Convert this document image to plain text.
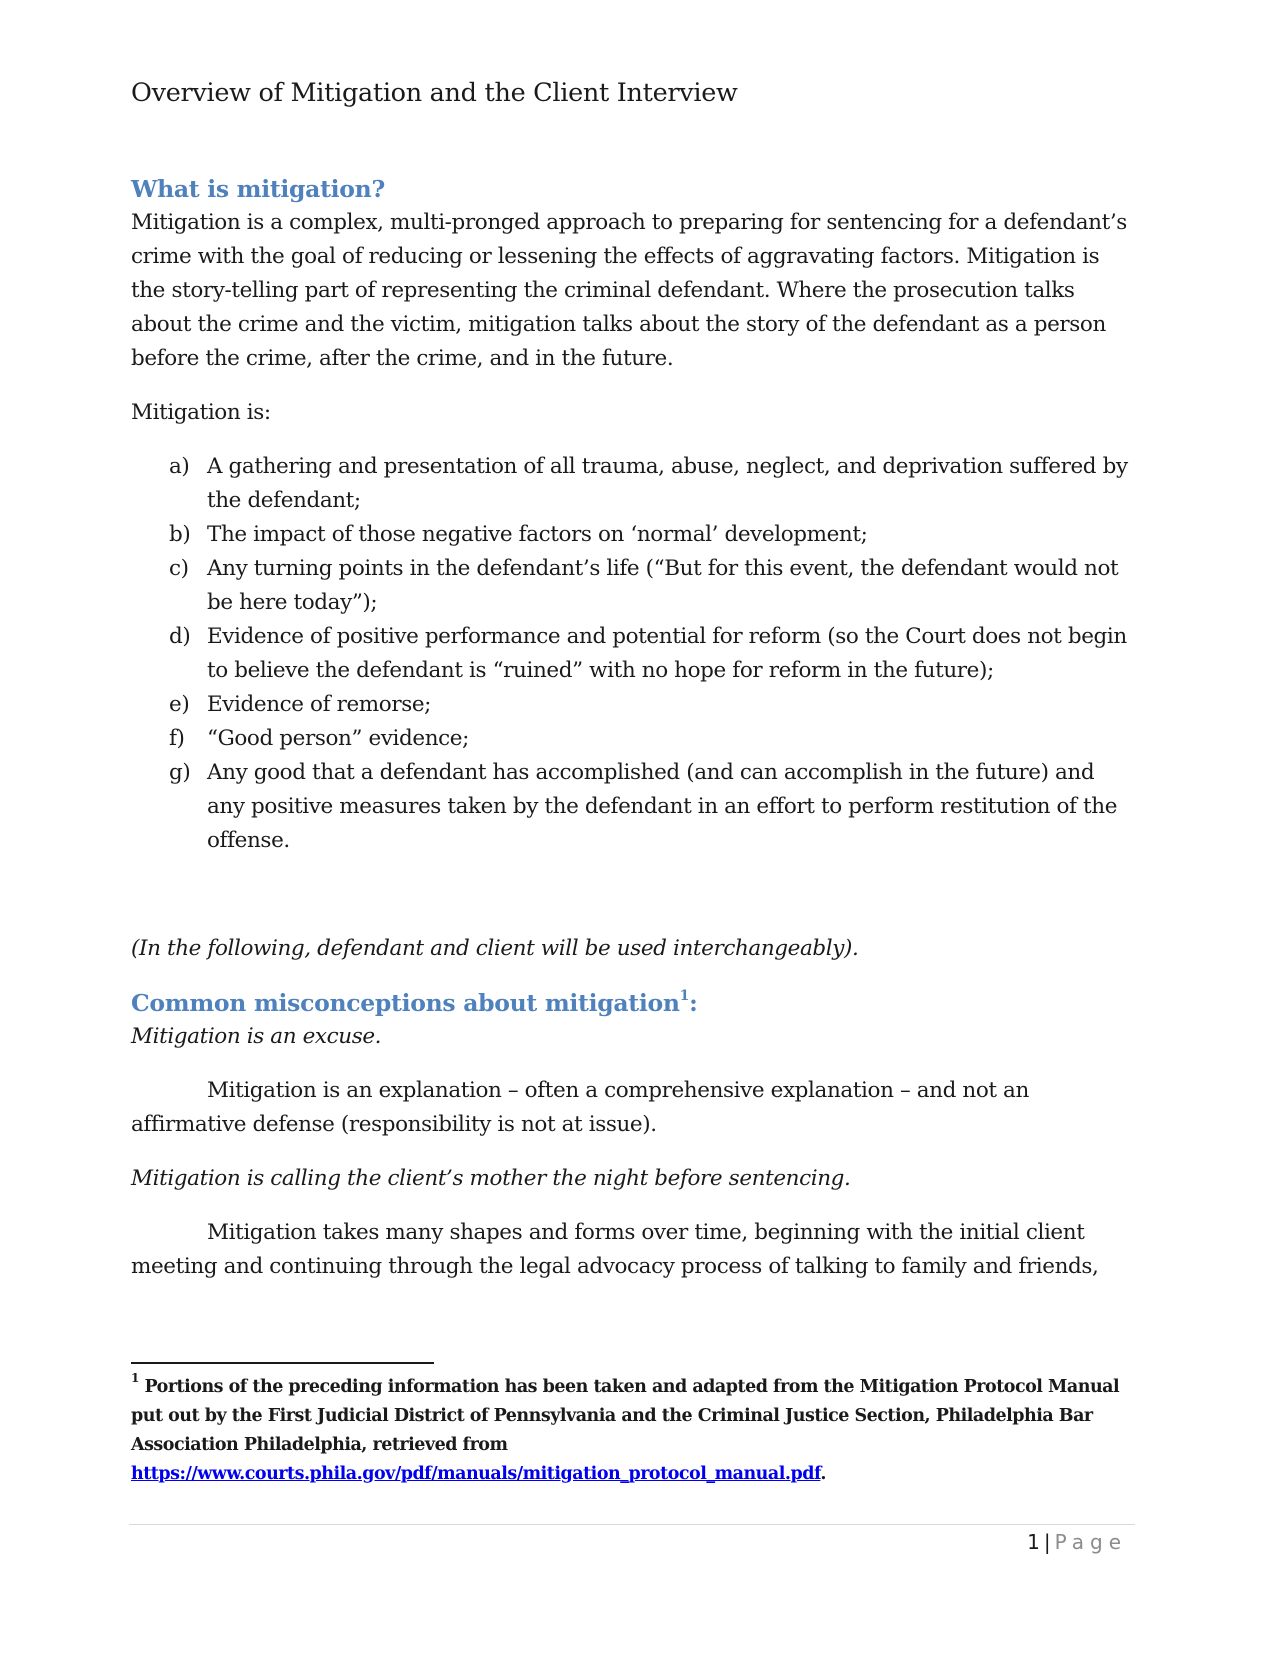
Overview of Mitigation and the Client Interview
What is mitigation?

Mitigation is a complex, multi-pronged approach to preparing for sentencing for a defendant’s crime with the goal of reducing or lessening the effects of aggravating factors. Mitigation is the story-telling part of representing the criminal defendant. Where the prosecution talks about the crime and the victim, mitigation talks about the story of the defendant as a person before the crime, after the crime, and in the future.

Mitigation is:

a) A gathering and presentation of all trauma, abuse, neglect, and deprivation suffered by the defendant;
b) The impact of those negative factors on ‘normal’ development;
c) Any turning points in the defendant’s life (“But for this event, the defendant would not be here today”);
d) Evidence of positive performance and potential for reform (so the Court does not begin to believe the defendant is “ruined” with no hope for reform in the future);
e) Evidence of remorse;
f) “Good person” evidence;
g) Any good that a defendant has accomplished (and can accomplish in the future) and any positive measures taken by the defendant in an effort to perform restitution of the offense.

(In the following, defendant and client will be used interchangeably).

Common misconceptions about mitigation$^1$:

Mitigation is an excuse.

Mitigation is an explanation – often a comprehensive explanation – and not an affirmative defense (responsibility is not at issue).

Mitigation is calling the client’s mother the night before sentencing.

Mitigation takes many shapes and forms over time, beginning with the initial client meeting and continuing through the legal advocacy process of talking to family and friends,

$^1$ Portions of the preceding information has been taken and adapted from the Mitigation Protocol Manual put out by the First Judicial District of Pennsylvania and the Criminal Justice Section, Philadelphia Bar Association Philadelphia, retrieved from https://www.courts.phila.gov/pdf/manuals/mitigation_protocol_manual.pdf.
1 | Page
